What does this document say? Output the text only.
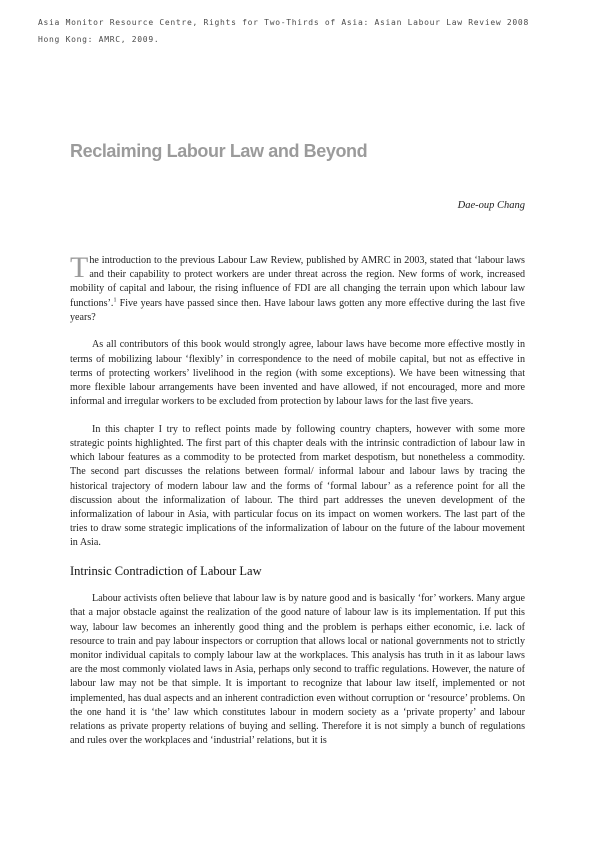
Asia Monitor Resource Centre, Rights for Two-Thirds of Asia: Asian Labour Law Review 2008
Hong Kong: AMRC, 2009.
Reclaiming Labour Law and Beyond
Dae-oup Chang

The introduction to the previous Labour Law Review, published by AMRC in 2003, stated that ‘labour laws and their capability to protect workers are under threat across the region. New forms of work, increased mobility of capital and labour, the rising influence of FDI are all changing the terrain upon which labour law functions’.$^1$ Five years have passed since then. Have labour laws gotten any more effective during the last five years?

As all contributors of this book would strongly agree, labour laws have become more effective mostly in terms of mobilizing labour ‘flexibly’ in correspondence to the need of mobile capital, but not as effective in terms of protecting workers’ livelihood in the region (with some exceptions). We have been witnessing that more flexible labour arrangements have been invented and have allowed, if not encouraged, more and more informal and irregular workers to be excluded from protection by labour laws for the last five years.

In this chapter I try to reflect points made by following country chapters, however with some more strategic points highlighted. The first part of this chapter deals with the intrinsic contradiction of labour law in which labour features as a commodity to be protected from market despotism, but nonetheless a commodity. The second part discusses the relations between formal/ informal labour and labour laws by tracing the historical trajectory of modern labour law and the forms of ‘formal labour’ as a reference point for all the discussion about the informalization of labour. The third part addresses the uneven development of the informalization of labour in Asia, with particular focus on its impact on women workers. The last part of the tries to draw some strategic implications of the informalization of labour on the future of the labour movement in Asia.

Intrinsic Contradiction of Labour Law

Labour activists often believe that labour law is by nature good and is basically ‘for’ workers. Many argue that a major obstacle against the realization of the good nature of labour law is its implementation. If put this way, labour law becomes an inherently good thing and the problem is perhaps either economic, i.e. lack of resource to train and pay labour inspectors or corruption that allows local or national governments not to strictly monitor individual capitals to comply labour law at the workplaces. This analysis has truth in it as labour laws are the most commonly violated laws in Asia, perhaps only second to traffic regulations. However, the nature of labour law may not be that simple. It is important to recognize that labour law itself, implemented or not implemented, has dual aspects and an inherent contradiction even without corruption or ‘resource’ problems. On the one hand it is ‘the’ law which constitutes labour in modern society as a ‘private property’ and labour relations as private property relations of buying and selling. Therefore it is not simply a bunch of regulations and rules over the workplaces and ‘industrial’ relations, but it is
